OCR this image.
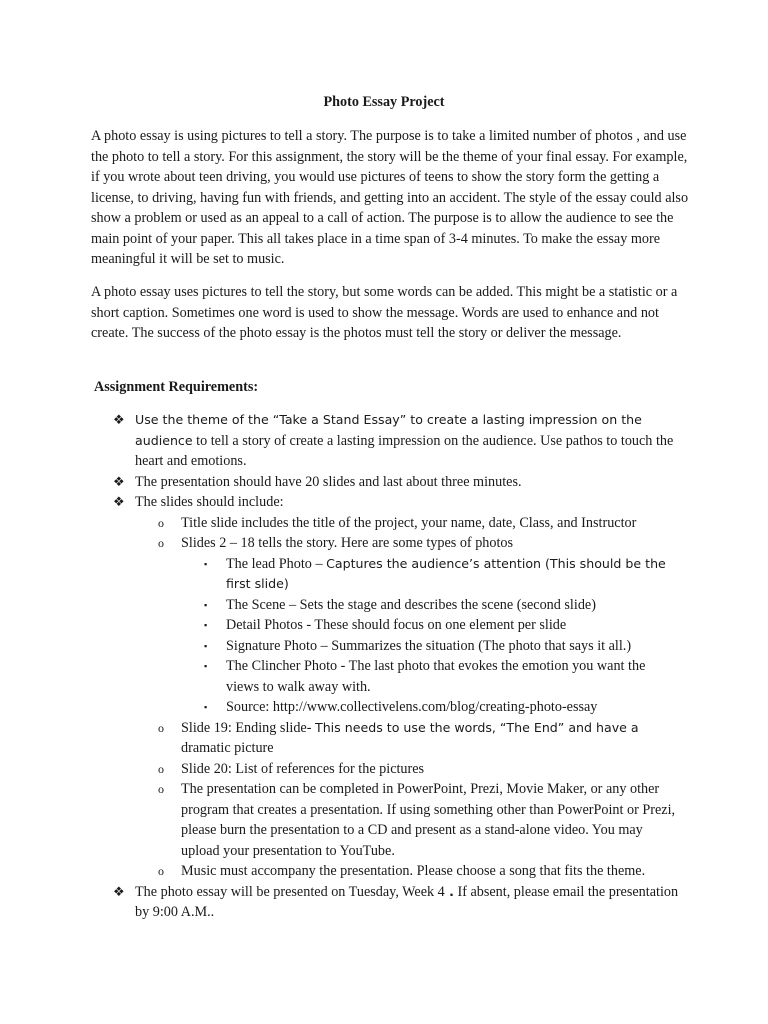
Photo Essay Project

A photo essay is using pictures to tell a story. The purpose is to take a limited number of photos , and use the photo to tell a story. For this assignment, the story will be the theme of your final essay. For example, if you wrote about teen driving, you would use pictures of teens to show the story form the getting a license, to driving, having fun with friends, and getting into an accident. The style of the essay could also show a problem or used as an appeal to a call of action. The purpose is to allow the audience to see the main point of your paper. This all takes place in a time span of 3-4 minutes. To make the essay more meaningful it will be set to music.

A photo essay uses pictures to tell the story, but some words can be added. This might be a statistic or a short caption. Sometimes one word is used to show the message. Words are used to enhance and not create. The success of the photo essay is the photos must tell the story or deliver the message.

Assignment Requirements:

❖ Use the theme of the “Take a Stand Essay” to create a lasting impression on the audience to tell a story of create a lasting impression on the audience. Use pathos to touch the heart and emotions.

❖ The presentation should have 20 slides and last about three minutes.

❖ The slides should include:

o Title slide includes the title of the project, your name, date, Class, and Instructor

o Slides 2 – 18 tells the story. Here are some types of photos

▪ The lead Photo – Captures the audience’s attention (This should be the first slide)

▪ The Scene – Sets the stage and describes the scene (second slide)

▪ Detail Photos - These should focus on one element per slide

▪ Signature Photo – Summarizes the situation (The photo that says it all.)

▪ The Clincher Photo - The last photo that evokes the emotion you want the views to walk away with.

▪ Source: http://www.collectivelens.com/blog/creating-photo-essay

o Slide 19: Ending slide- This needs to use the words, “The End” and have a dramatic picture

o Slide 20: List of references for the pictures

o The presentation can be completed in PowerPoint, Prezi, Movie Maker, or any other program that creates a presentation. If using something other than PowerPoint or Prezi, please burn the presentation to a CD and present as a stand-alone video. You may upload your presentation to YouTube.

o Music must accompany the presentation. Please choose a song that fits the theme.

❖ The photo essay will be presented on Tuesday, Week 4 . If absent, please email the presentation by 9:00 A.M..
